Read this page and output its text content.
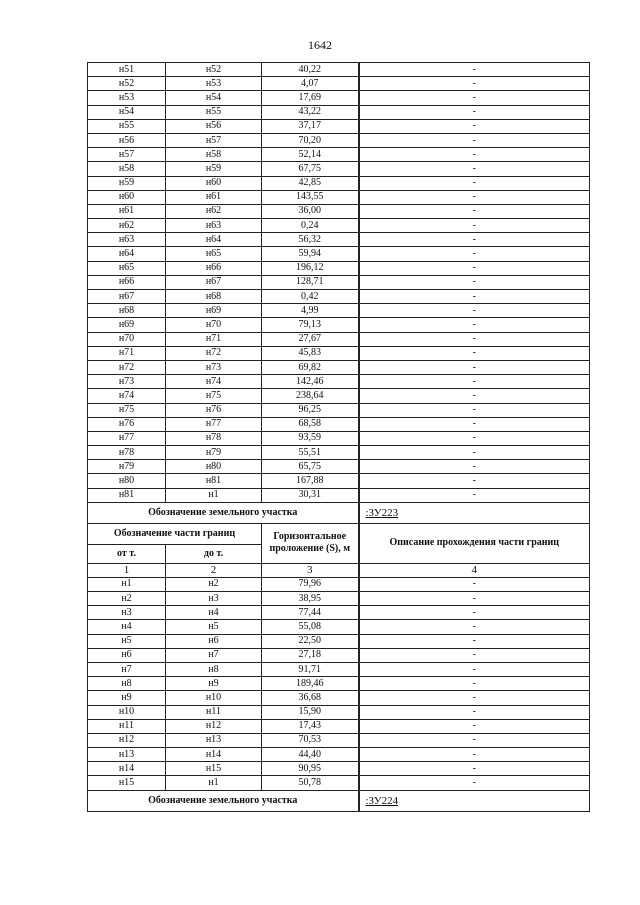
1642
н51	н52	40,22	-
н52	н53	4,07	-
н53	н54	17,69	-
н54	н55	43,22	-
н55	н56	37,17	-
н56	н57	70,20	-
н57	н58	52,14	-
н58	н59	67,75	-
н59	н60	42,85	-
н60	н61	143,55	-
н61	н62	36,00	-
н62	н63	0,24	-
н63	н64	56,32	-
н64	н65	59,94	-
н65	н66	196,12	-
н66	н67	128,71	-
н67	н68	0,42	-
н68	н69	4,99	-
н69	н70	79,13	-
н70	н71	27,67	-
н71	н72	45,83	-
н72	н73	69,82	-
н73	н74	142,46	-
н74	н75	238,64	-
н75	н76	96,25	-
н76	н77	68,58	-
н77	н78	93,59	-
н78	н79	55,51	-
н79	н80	65,75	-
н80	н81	167,88	-
н81	н1	30,31	-
Обозначение земельного участка			:ЗУ223
Обозначение части границ		Горизонтальное проложение (S), м	Описание прохождения части границ
от т.	до т.		
1	2	3	4
н1	н2	79,96	-
н2	н3	38,95	-
н3	н4	77,44	-
н4	н5	55,08	-
н5	н6	22,50	-
н6	н7	27,18	-
н7	н8	91,71	-
н8	н9	189,46	-
н9	н10	36,68	-
н10	н11	15,90	-
н11	н12	17,43	-
н12	н13	70,53	-
н13	н14	44,40	-
н14	н15	90,95	-
н15	н1	50,78	-
Обозначение земельного участка			:ЗУ224
